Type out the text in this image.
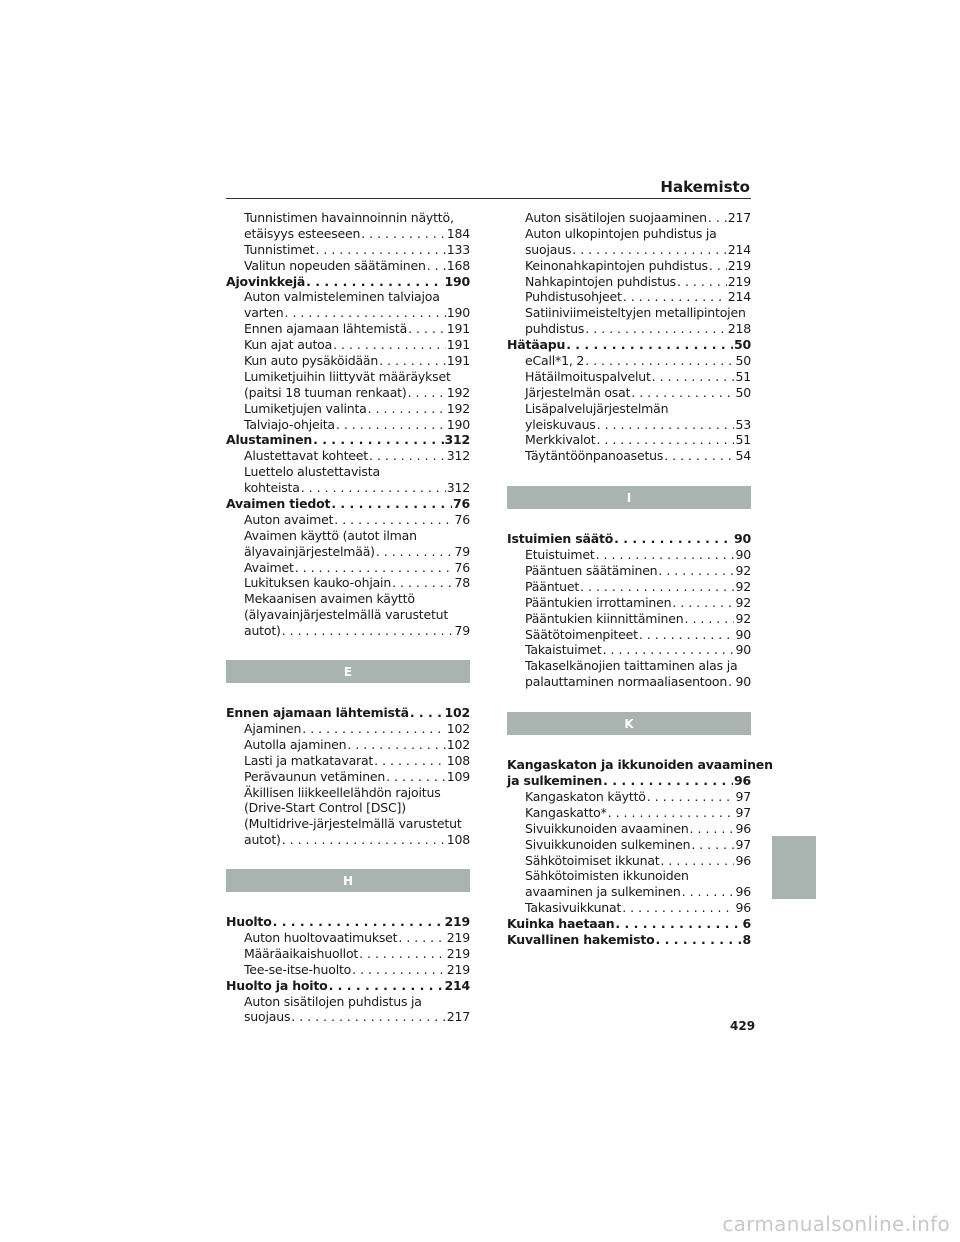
Hakemisto
Tunnistimen havainnoinnin näyttö,
etäisyys esteeseen . . .	184
Tunnistimet . . .	133
Valitun nopeuden säätäminen . . . 168
Ajovinkkejä . . .	190
Auton valmisteleminen talviajoa
varten . . .	190
Ennen ajamaan lähtemistä . . .	191
Kun ajat autoa . . .	191
Kun auto pysäköidään . . .	191
Lumiketjuihin liittyvät määräykset
(paitsi 18 tuuman renkaat) . . .	192
Lumiketjujen valinta . . .	192
Talviajo-ohjeita . . .	190
Alustaminen . . .	312
Alustettavat kohteet . . .	312
Luettelo alustettavista
kohteista . . .	312
Avaimen tiedot . . .	76
Auton avaimet . . .	76
Avaimen käyttö (autot ilman
älyavainjärjestelmää) . . .	79
Avaimet . . .	76
Lukituksen kauko-ohjain . . .	78
Mekaanisen avaimen käyttö
(älyavainjärjestelmällä varustetut
autot) . . .	79
E
Ennen ajamaan lähtemistä . . .	102
Ajaminen . . .	102
Autolla ajaminen . . .	102
Lasti ja matkatavarat . . .	108
Perävaunun vetäminen . . .	109
Äkillisen liikkeellelähdön rajoitus
(Drive-Start Control [DSC])
(Multidrive-järjestelmällä varustetut
autot) . . .	108
H
Huolto . . .	219
Auton huoltovaatimukset . . .	219
Määräaikaishuollot . . .	219
Tee-se-itse-huolto . . .	219
Huolto ja hoito . . .	214
Auton sisätilojen puhdistus ja
suojaus . . .	217
Auton sisätilojen suojaaminen . . . 217
Auton ulkopintojen puhdistus ja
suojaus . . .	214
Keinonahkapintojen puhdistus . . . 219
Nahkapintojen puhdistus . . .	219
Puhdistusohjeet . . .	214
Satiiniviimeisteltyjen metallipintojen
puhdistus . . .	218
Hätäapu . . .	50
eCall*1, 2 . . .	50
Hätäilmoituspalvelut . . .	51
Järjestelmän osat . . .	50
Lisäpalvelujärjestelmän
yleiskuvaus . . .	53
Merkkivalot . . .	51
Täytäntöönpanoasetus . . .	54
I
Istuimien säätö . . .	90
Etuistuimet . . .	90
Pääntuen säätäminen . . .	92
Pääntuet . . .	92
Pääntukien irrottaminen . . .	92
Pääntukien kiinnittäminen . . .	92
Säätötoimenpiteet . . .	90
Takaistuimet . . .	90
Takaselkänojien taittaminen alas ja
palauttaminen normaaliasentoon . . . 90
K
Kangaskaton ja ikkunoiden avaaminen
ja sulkeminen . . .	96
Kangaskaton käyttö . . .	97
Kangaskatto* . . .	97
Sivuikkunoiden avaaminen . . .	96
Sivuikkunoiden sulkeminen . . .	97
Sähkötoimiset ikkunat . . .	96
Sähkötoimisten ikkunoiden
avaaminen ja sulkeminen . . .	96
Takasivuikkunat . . .	96
Kuinka haetaan . . .	6
Kuvallinen hakemisto . . .	8
429
carmanualsonline.info
